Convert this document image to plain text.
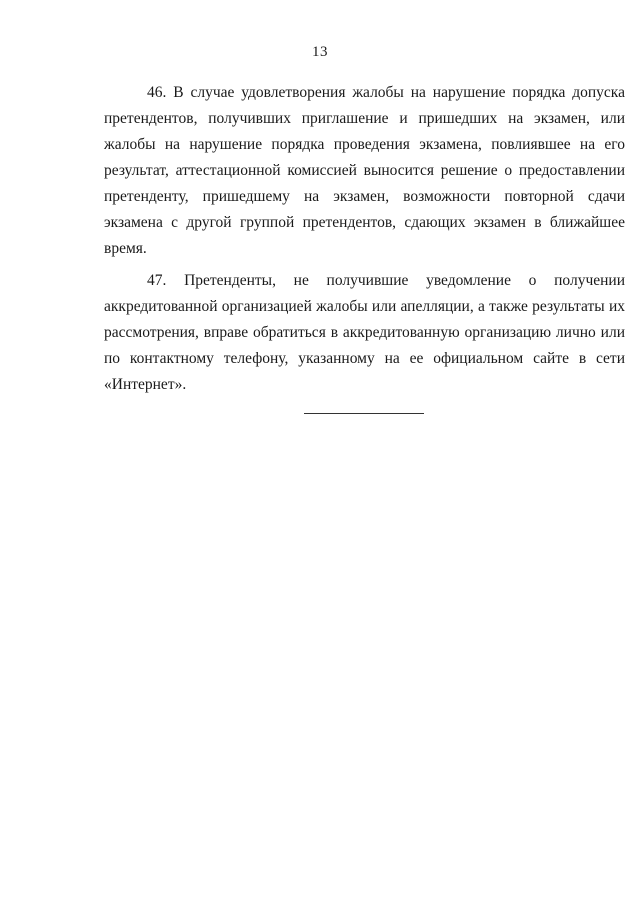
13

46. В случае удовлетворения жалобы на нарушение порядка допуска претендентов, получивших приглашение и пришедших на экзамен, или жалобы на нарушение порядка проведения экзамена, повлиявшее на его результат, аттестационной комиссией выносится решение о предоставлении претенденту, пришедшему на экзамен, возможности повторной сдачи экзамена с другой группой претендентов, сдающих экзамен в ближайшее время.

47. Претенденты, не получившие уведомление о получении аккредитованной организацией жалобы или апелляции, а также результаты их рассмотрения, вправе обратиться в аккредитованную организацию лично или по контактному телефону, указанному на ее официальном сайте в сети «Интернет».
